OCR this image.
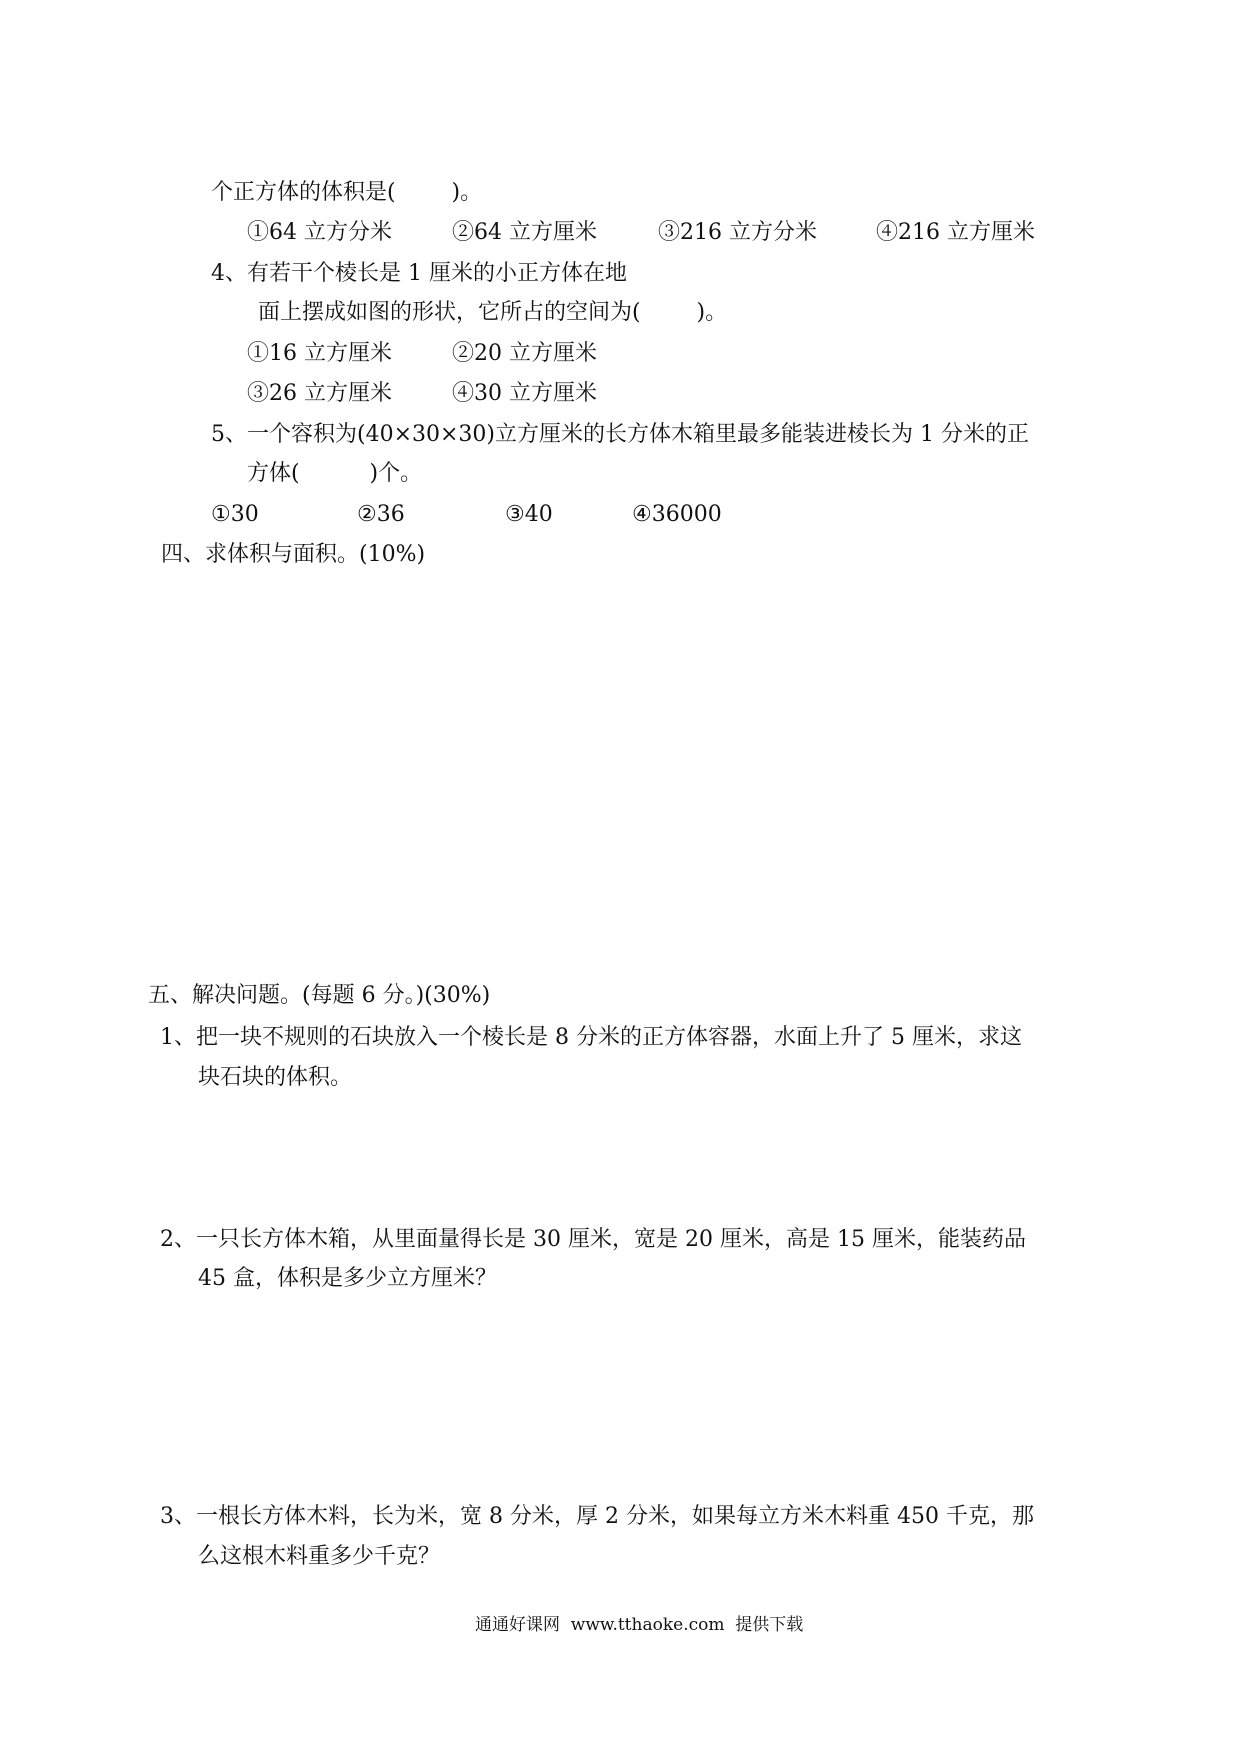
个正方体的体积是(        )。
①64 立方分米	②64 立方厘米	③216 立方分米	④216 立方厘米
4、有若干个棱长是 1 厘米的小正方体在地
面上摆成如图的形状，它所占的空间为(        )。
①16 立方厘米	②20 立方厘米
③26 立方厘米	④30 立方厘米
5、一个容积为(40×30×30)立方厘米的长方体木箱里最多能装进棱长为 1 分米的正
方体(          )个。
①30	②36	③40	④36000
四、求体积与面积。(10%)
五、解决问题。(每题 6 分。)(30%)
1、把一块不规则的石块放入一个棱长是 8 分米的正方体容器，水面上升了 5 厘米，求这
块石块的体积。
2、一只长方体木箱，从里面量得长是 30 厘米，宽是 20 厘米，高是 15 厘米，能装药品
45 盒，体积是多少立方厘米？
3、一根长方体木料，长为米，宽 8 分米，厚 2 分米，如果每立方米木料重 450 千克，那
么这根木料重多少千克？
通通好课网  www.tthaoke.com  提供下载
